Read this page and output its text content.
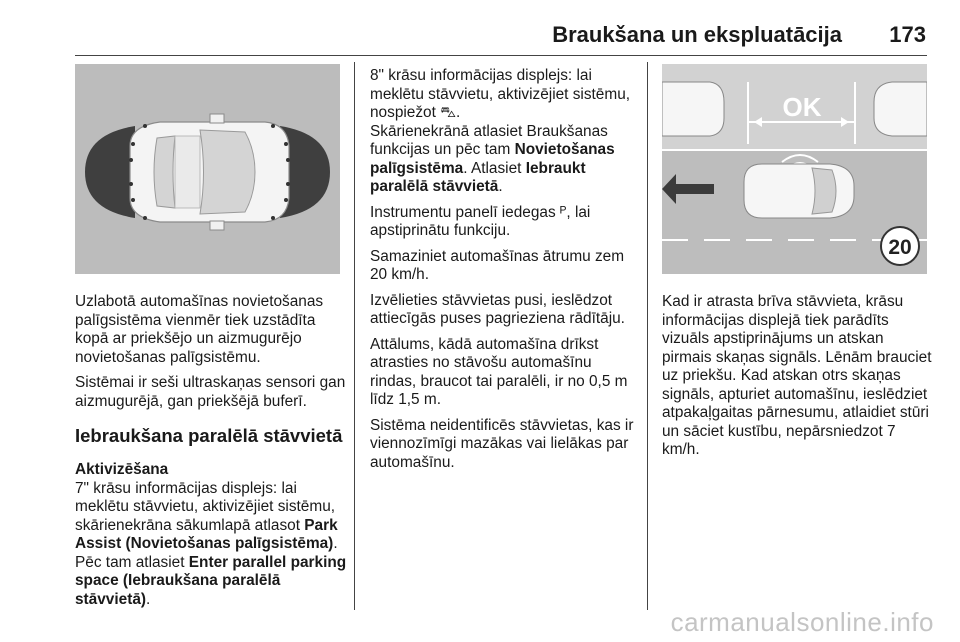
Braukšana un ekspluatācija 173

Uzlabotā automašīnas novietošanas palīgsistēma vienmēr tiek uzstādīta kopā ar priekšējo un aizmugurējo novietošanas palīgsistēmu.

Sistēmai ir seši ultraskaņas sensori gan aizmugurējā, gan priekšējā buferī.

Iebraukšana paralēlā stāvvietā

Aktivizēšana

7" krāsu informācijas displejs: lai meklētu stāvvietu, aktivizējiet sistēmu, skārienekrāna sākumlapā atlasot Park Assist (Novietošanas palīgsistēma). Pēc tam atlasiet Enter parallel parking space (Iebraukšana paralēlā stāvvietā).

8" krāsu informācijas displejs: lai meklētu stāvvietu, aktivizējiet sistēmu, nospiežot ⛍.

Skārienekrānā atlasiet Braukšanas funkcijas un pēc tam Novietošanas palīgsistēma. Atlasiet Iebraukt paralēlā stāvvietā.

Instrumentu panelī iedegas ᴾ, lai apstiprinātu funkciju.

Samaziniet automašīnas ātrumu zem 20 km/h.

Izvēlieties stāvvietas pusi, ieslēdzot attiecīgās puses pagrieziena rādītāju.

Attālums, kādā automašīna drīkst atrasties no stāvošu automašīnu rindas, braucot tai paralēli, ir no 0,5 m līdz 1,5 m.

Sistēma neidentificēs stāvvietas, kas ir viennozīmīgi mazākas vai lielākas par automašīnu.

OK
20

Kad ir atrasta brīva stāvvieta, krāsu informācijas displejā tiek parādīts vizuāls apstiprinājums un atskan pirmais skaņas signāls. Lēnām brauciet uz priekšu. Kad atskan otrs skaņas signāls, apturiet automašīnu, ieslēdziet atpakaļgaitas pārnesumu, atlaidiet stūri un sāciet kustību, nepārsniedzot 7 km/h.

carmanualsonline.info
